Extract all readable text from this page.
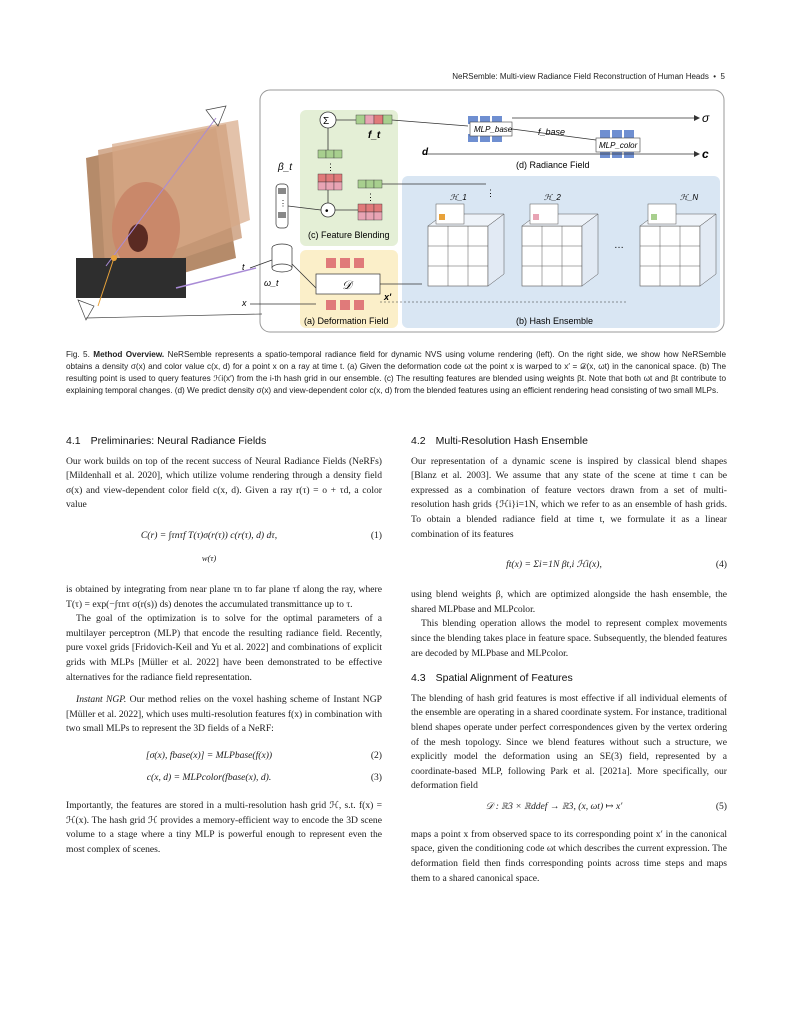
NeRSemble: Multi-view Radiance Field Reconstruction of Human Heads • 5
MLP_base
MLP_color
f_base
σ
c
d
(d) Radiance Field
Σ
f_t
⋮
⋮
•
(c) Feature Blending
β_t
⋮
ω_t
t
x
𝒟
x'
(a) Deformation Field
ℋ_1	ℋ_2
…
ℋ_N
⋮
(b) Hash Ensemble
Fig. 5. Method Overview. NeRSemble represents a spatio-temporal radiance field for dynamic NVS using volume rendering (left). On the right side, we show how NeRSemble obtains a density σ(x) and color value c(x, d) for a point x on a ray at time t. (a) Given the deformation code ωt the point x is warped to x′ = 𝒟(x, ωt) in the canonical space. (b) The resulting point is used to query features ℋi(x′) from the i-th hash grid in our ensemble. (c) The resulting features are blended using weights βt. Note that both ωt and βt contribute to explaining temporal changes. (d) We predict density σ(x) and view-dependent color c(x, d) from the blended features using an efficient rendering head consisting of two small MLPs.
4.1 Preliminaries: Neural Radiance Fields

Our work builds on top of the recent success of Neural Radiance Fields (NeRFs) [Mildenhall et al. 2020], which utilize volume rendering through a density field σ(x) and view-dependent color field c(x, d). Given a ray r(τ) = o + τd, a color value

C(r) = ∫τnτf T(τ)σ(r(τ)) c(r(τ), d) dτ,
w(τ)
(1)

is obtained by integrating from near plane τn to far plane τf along the ray, where T(τ) = exp(−∫τnτ σ(r(s)) ds) denotes the accumulated transmittance up to τ.

The goal of the optimization is to solve for the optimal parameters of a multilayer perceptron (MLP) that encode the resulting radiance field. Recently, pure voxel grids [Fridovich-Keil and Yu et al. 2022] and combinations of explicit grids with MLPs [Müller et al. 2022] have been demonstrated to be effective alternatives for the radiance field representation.

Instant NGP. Our method relies on the voxel hashing scheme of Instant NGP [Müller et al. 2022], which uses multi-resolution features f(x) in combination with two small MLPs to represent the 3D fields of a NeRF:

[σ(x), fbase(x)] = MLPbase(f(x))	(2)
c(x, d) = MLPcolor(fbase(x), d).	(3)

Importantly, the features are stored in a multi-resolution hash grid ℋ, s.t. f(x) = ℋ(x). The hash grid ℋ provides a memory-efficient way to encode the 3D scene volume to a stage where a tiny MLP is powerful enough to represent even the most complex of scenes.

4.2 Multi-Resolution Hash Ensemble

Our representation of a dynamic scene is inspired by classical blend shapes [Blanz et al. 2003]. We assume that any state of the scene at time t can be expressed as a combination of feature vectors drawn from a set of multi-resolution hash grids {ℋi}i=1N, which we refer to as an ensemble of hash grids. To obtain a blended radiance field at time t, we formulate it as a linear combination of its features

ft(x) = Σi=1N βt,i ℋi(x),	(4)

using blend weights β, which are optimized alongside the hash ensemble, the shared MLPbase and MLPcolor.

This blending operation allows the model to represent complex movements since the blending takes place in feature space. Subsequently, the blended features are decoded by MLPbase and MLPcolor.

4.3 Spatial Alignment of Features

The blending of hash grid features is most effective if all individual elements of the ensemble are operating in a shared coordinate system. For instance, traditional blend shapes operate under perfect correspondences given by the vertex ordering of the mesh topology. Since we blend features without such a structure, we explicitly model the deformation using an SE(3) field, represented by a coordinate-based MLP, following Park et al. [2021a]. More specifically, our deformation field

𝒟 : ℝ3 × ℝddef → ℝ3, (x, ωt) ↦ x′	(5)

maps a point x from observed space to its corresponding point x′ in the canonical space, given the conditioning code ωt which describes the current expression. The deformation field then finds corresponding points across time steps and maps them to a shared canonical space.
